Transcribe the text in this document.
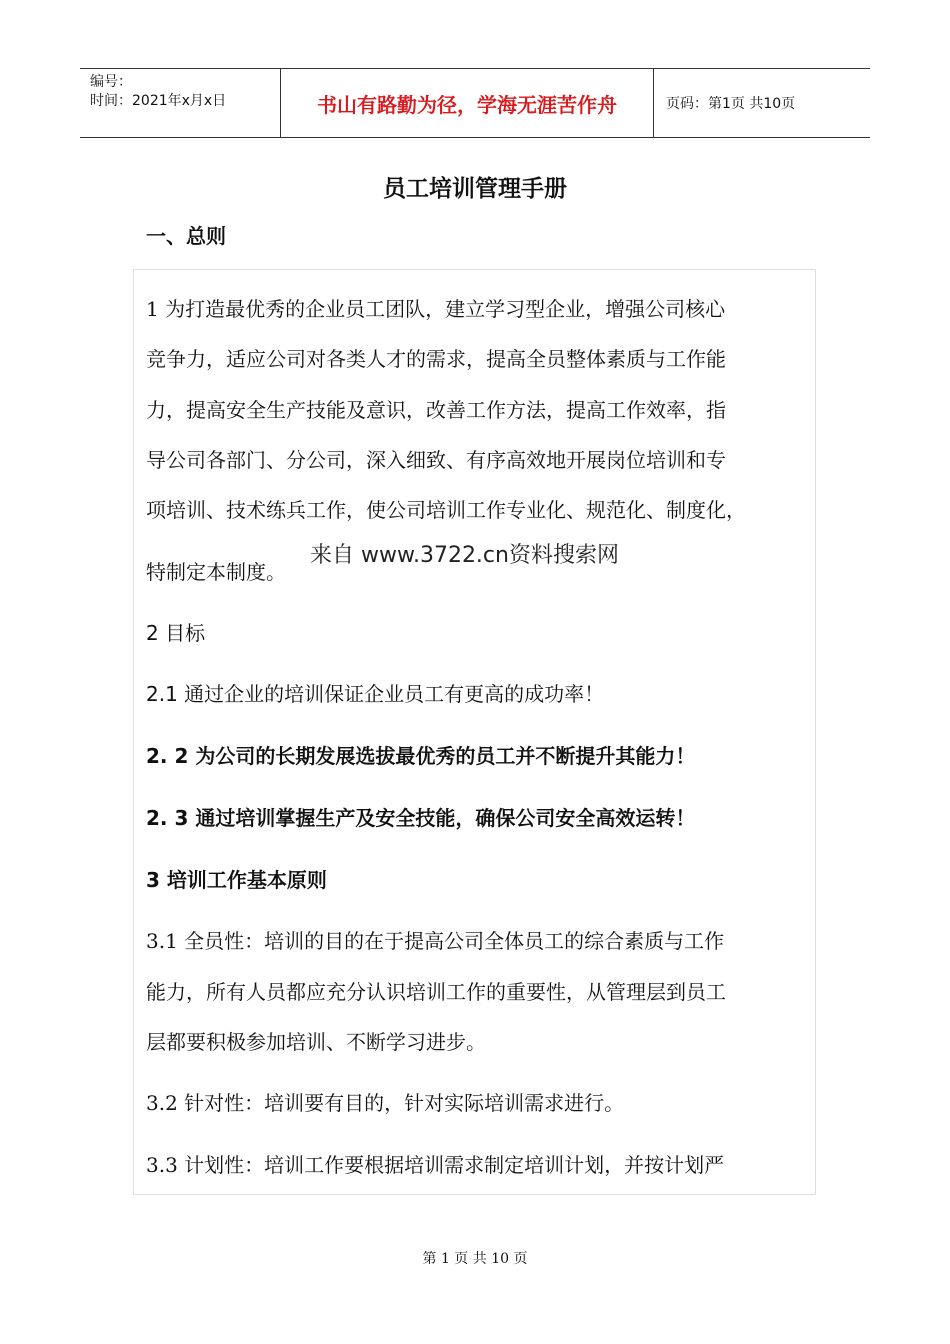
编号：
时间：2021年x月x日	书山有路勤为径，学海无涯苦作舟	页码：第1页 共10页
员工培训管理手册
一、总则
1 为打造最优秀的企业员工团队，建立学习型企业，增强公司核心
竞争力，适应公司对各类人才的需求，提高全员整体素质与工作能
力，提高安全生产技能及意识，改善工作方法，提高工作效率，指
导公司各部门、分公司，深入细致、有序高效地开展岗位培训和专
项培训、技术练兵工作，使公司培训工作专业化、规范化、制度化，
特制定本制度。
来自 www.3722.cn资料搜索网
2 目标
2.1 通过企业的培训保证企业员工有更高的成功率！
2. 2 为公司的长期发展选拔最优秀的员工并不断提升其能力！
2. 3 通过培训掌握生产及安全技能，确保公司安全高效运转！
3 培训工作基本原则
3.1 全员性：培训的目的在于提高公司全体员工的综合素质与工作
能力，所有人员都应充分认识培训工作的重要性，从管理层到员工
层都要积极参加培训、不断学习进步。
3.2 针对性：培训要有目的，针对实际培训需求进行。
3.3 计划性：培训工作要根据培训需求制定培训计划，并按计划严
第 1 页 共 10 页
